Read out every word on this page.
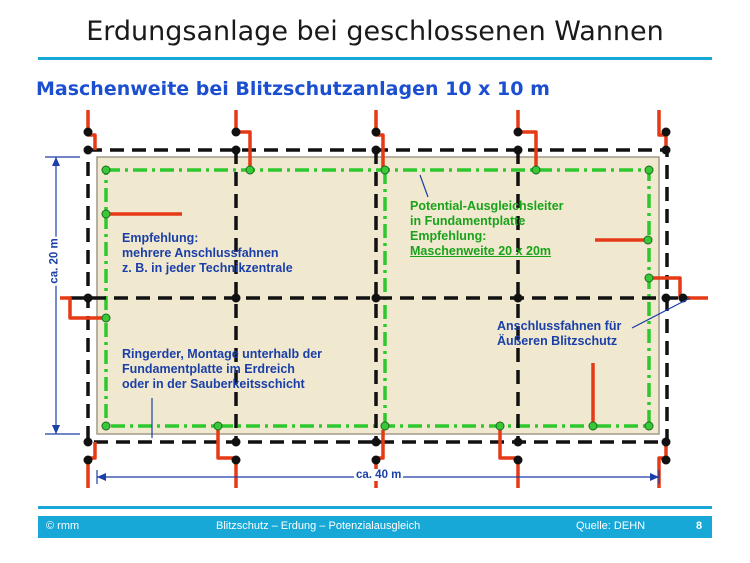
Erdungsanlage bei geschlossenen Wannen
Maschenweite bei Blitzschutzanlagen 10 x 10 m
ca. 20 m
ca. 40 m
Empfehlung:
mehrere Anschlussfahnen
z. B. in jeder Technikzentrale
Ringerder, Montage unterhalb der
Fundamentplatte im Erdreich
oder in der Sauberkeitsschicht
Potential-Ausgleichsleiter
in Fundamentplatte
Empfehlung:
Maschenweite 20 x 20m
Anschlussfahnen für
Äußeren Blitzschutz
© rmm	Blitzschutz – Erdung – Potenzialausgleich	Quelle: DEHN	8
